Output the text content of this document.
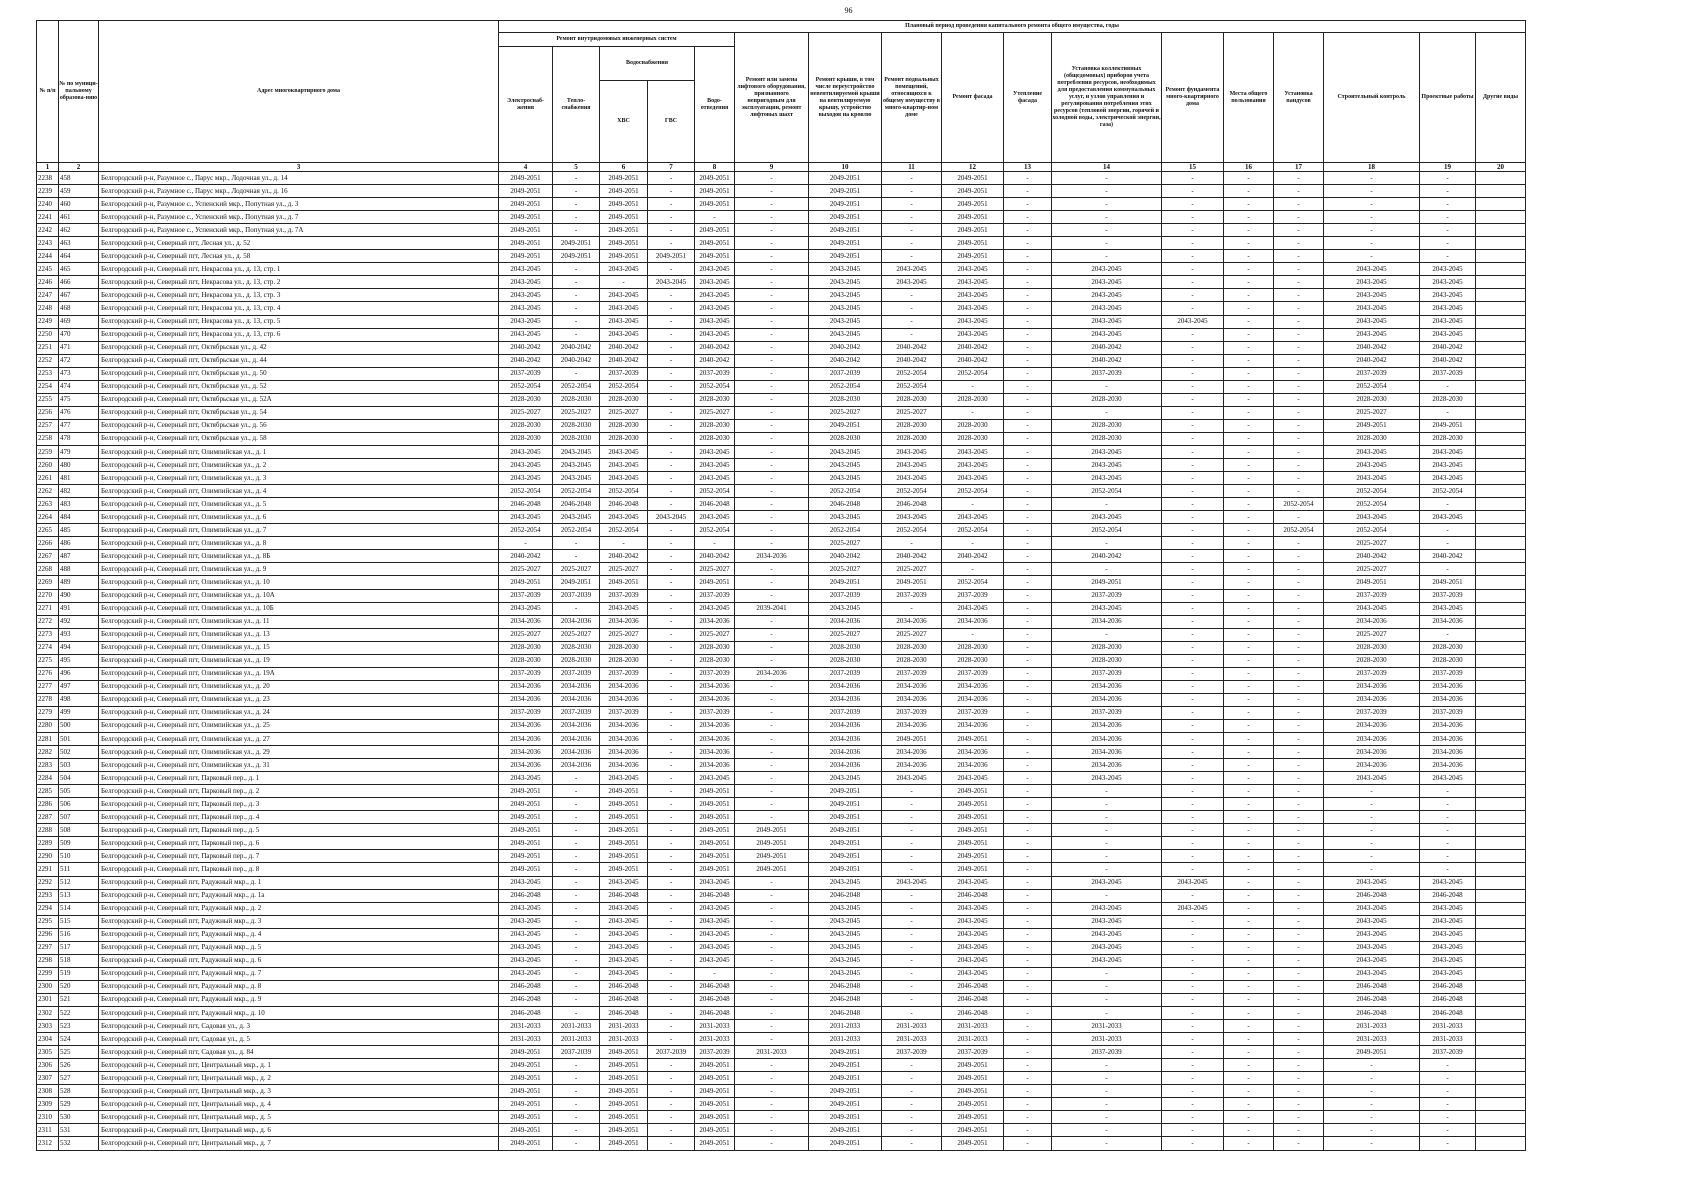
96
№ п/п	№ по муници-пальному образова-нию	Адрес многоквартирного дома	Плановый период проведения капитального ремонта общего имущества, годы																
			Ремонт внутридомовых инженерных систем					Ремонт или замена лифтового оборудования, признанного непригодным для эксплуатации, ремонт лифтовых шахт	Ремонт крыши, в том числе переустройство невентилируемой крыши на вентилируемую крышу, устройство выходов на кровлю	Ремонт подвальных помещений, относящихся к общему имуществу в много-квартир-ном доме	Ремонт фасада	Утепление фасада	Установка коллективных (общедомовых) приборов учета потребления ресурсов, необходимых для предоставления коммунальных услуг, и узлов управления и регулирования потребления этих ресурсов (тепловой энергии, горячей и холодной воды, электрической энергии, газа)	Ремонт фундамента много-квартирного дома	Места общего пользования	Установка пандусов	Строительный контроль	Проектные работы	Другие виды
			Электроснаб-жения	Тепло-снабжения	Водоснабжения		Водо-отведения												
					ХВС	ГВС													
1	2	3	4	5	6	7	8	9	10	11	12	13	14	15	16	17	18	19	20
2238	458	Белгородский р-н, Разумное с., Парус мкр., Лодочная ул., д. 14	2049-2051	-	2049-2051	-	2049-2051	-	2049-2051	-	2049-2051	-	-	-	-	-	-	-	
2239	459	Белгородский р-н, Разумное с., Парус мкр., Лодочная ул., д. 16	2049-2051	-	2049-2051	-	2049-2051	-	2049-2051	-	2049-2051	-	-	-	-	-	-	-	
2240	460	Белгородский р-н, Разумное с., Успенский мкр., Попутная ул., д. 3	2049-2051	-	2049-2051	-	2049-2051	-	2049-2051	-	2049-2051	-	-	-	-	-	-	-	
2241	461	Белгородский р-н, Разумное с., Успенский мкр., Попутная ул., д. 7	2049-2051	-	2049-2051	-	-	-	2049-2051	-	2049-2051	-	-	-	-	-	-	-	
2242	462	Белгородский р-н, Разумное с., Успенский мкр., Попутная ул., д. 7А	2049-2051	-	2049-2051	-	2049-2051	-	2049-2051	-	2049-2051	-	-	-	-	-	-	-	
2243	463	Белгородский р-н, Северный пгт, Лесная ул., д. 52	2049-2051	2049-2051	2049-2051	-	2049-2051	-	2049-2051	-	2049-2051	-	-	-	-	-	-	-	
2244	464	Белгородский р-н, Северный пгт, Лесная ул., д. 58	2049-2051	2049-2051	2049-2051	2049-2051	2049-2051	-	2049-2051	-	2049-2051	-	-	-	-	-	-	-	
2245	465	Белгородский р-н, Северный пгт, Некрасова ул., д. 13, стр. 1	2043-2045	-	2043-2045	-	2043-2045	-	2043-2045	2043-2045	2043-2045	-	2043-2045	-	-	-	2043-2045	2043-2045	
2246	466	Белгородский р-н, Северный пгт, Некрасова ул., д. 13, стр. 2	2043-2045	-	-	2043-2045	2043-2045	-	2043-2045	2043-2045	2043-2045	-	2043-2045	-	-	-	2043-2045	2043-2045	
2247	467	Белгородский р-н, Северный пгт, Некрасова ул., д. 13, стр. 3	2043-2045	-	2043-2045	-	2043-2045	-	2043-2045	-	2043-2045	-	2043-2045	-	-	-	2043-2045	2043-2045	
2248	468	Белгородский р-н, Северный пгт, Некрасова ул., д. 13, стр. 4	2043-2045	-	2043-2045	-	2043-2045	-	2043-2045	-	2043-2045	-	2043-2045	-	-	-	2043-2045	2043-2045	
2249	469	Белгородский р-н, Северный пгт, Некрасова ул., д. 13, стр. 5	2043-2045	-	2043-2045	-	2043-2045	-	2043-2045	-	2043-2045	-	2043-2045	2043-2045	-	-	2043-2045	2043-2045	
2250	470	Белгородский р-н, Северный пгт, Некрасова ул., д. 13, стр. 6	2043-2045	-	2043-2045	-	2043-2045	-	2043-2045	-	2043-2045	-	2043-2045	-	-	-	2043-2045	2043-2045	
2251	471	Белгородский р-н, Северный пгт, Октябрьская ул., д. 42	2040-2042	2040-2042	2040-2042	-	2040-2042	-	2040-2042	2040-2042	2040-2042	-	2040-2042	-	-	-	2040-2042	2040-2042	
2252	472	Белгородский р-н, Северный пгт, Октябрьская ул., д. 44	2040-2042	2040-2042	2040-2042	-	2040-2042	-	2040-2042	2040-2042	2040-2042	-	2040-2042	-	-	-	2040-2042	2040-2042	
2253	473	Белгородский р-н, Северный пгт, Октябрьская ул., д. 50	2037-2039	-	2037-2039	-	2037-2039	-	2037-2039	2052-2054	2052-2054	-	2037-2039	-	-	-	2037-2039	2037-2039	
2254	474	Белгородский р-н, Северный пгт, Октябрьская ул., д. 52	2052-2054	2052-2054	2052-2054	-	2052-2054	-	2052-2054	2052-2054	-	-	-	-	-	-	2052-2054	-	
2255	475	Белгородский р-н, Северный пгт, Октябрьская ул., д. 52А	2028-2030	2028-2030	2028-2030	-	2028-2030	-	2028-2030	2028-2030	2028-2030	-	2028-2030	-	-	-	2028-2030	2028-2030	
2256	476	Белгородский р-н, Северный пгт, Октябрьская ул., д. 54	2025-2027	2025-2027	2025-2027	-	2025-2027	-	2025-2027	2025-2027	-	-	-	-	-	-	2025-2027	-	
2257	477	Белгородский р-н, Северный пгт, Октябрьская ул., д. 56	2028-2030	2028-2030	2028-2030	-	2028-2030	-	2049-2051	2028-2030	2028-2030	-	2028-2030	-	-	-	2049-2051	2049-2051	
2258	478	Белгородский р-н, Северный пгт, Октябрьская ул., д. 58	2028-2030	2028-2030	2028-2030	-	2028-2030	-	2028-2030	2028-2030	2028-2030	-	2028-2030	-	-	-	2028-2030	2028-2030	
2259	479	Белгородский р-н, Северный пгт, Олимпийская ул., д. 1	2043-2045	2043-2045	2043-2045	-	2043-2045	-	2043-2045	2043-2045	2043-2045	-	2043-2045	-	-	-	2043-2045	2043-2045	
2260	480	Белгородский р-н, Северный пгт, Олимпийская ул., д. 2	2043-2045	2043-2045	2043-2045	-	2043-2045	-	2043-2045	2043-2045	2043-2045	-	2043-2045	-	-	-	2043-2045	2043-2045	
2261	481	Белгородский р-н, Северный пгт, Олимпийская ул., д. 3	2043-2045	2043-2045	2043-2045	-	2043-2045	-	2043-2045	2043-2045	2043-2045	-	2043-2045	-	-	-	2043-2045	2043-2045	
2262	482	Белгородский р-н, Северный пгт, Олимпийская ул., д. 4	2052-2054	2052-2054	2052-2054	-	2052-2054	-	2052-2054	2052-2054	2052-2054	-	2052-2054	-	-	-	2052-2054	2052-2054	
2263	483	Белгородский р-н, Северный пгт, Олимпийская ул., д. 5	2046-2048	2046-2048	2046-2048	-	2046-2048	-	2046-2048	2046-2048	-	-	-	-	-	2052-2054	2052-2054	-	
2264	484	Белгородский р-н, Северный пгт, Олимпийская ул., д. 6	2043-2045	2043-2045	2043-2045	2043-2045	2043-2045	-	2043-2045	2043-2045	2043-2045	-	2043-2045	-	-	-	2043-2045	2043-2045	
2265	485	Белгородский р-н, Северный пгт, Олимпийская ул., д. 7	2052-2054	2052-2054	2052-2054	-	2052-2054	-	2052-2054	2052-2054	2052-2054	-	2052-2054	-	-	2052-2054	2052-2054	-	
2266	486	Белгородский р-н, Северный пгт, Олимпийская ул., д. 8	-	-	-	-	-	-	2025-2027	-	-	-	-	-	-	-	2025-2027	-	
2267	487	Белгородский р-н, Северный пгт, Олимпийская ул., д. 8Б	2040-2042	-	2040-2042	-	2040-2042	2034-2036	2040-2042	2040-2042	2040-2042	-	2040-2042	-	-	-	2040-2042	2040-2042	
2268	488	Белгородский р-н, Северный пгт, Олимпийская ул., д. 9	2025-2027	2025-2027	2025-2027	-	2025-2027	-	2025-2027	2025-2027	-	-	-	-	-	-	2025-2027	-	
2269	489	Белгородский р-н, Северный пгт, Олимпийская ул., д. 10	2049-2051	2049-2051	2049-2051	-	2049-2051	-	2049-2051	2049-2051	2052-2054	-	2049-2051	-	-	-	2049-2051	2049-2051	
2270	490	Белгородский р-н, Северный пгт, Олимпийская ул., д. 10А	2037-2039	2037-2039	2037-2039	-	2037-2039	-	2037-2039	2037-2039	2037-2039	-	2037-2039	-	-	-	2037-2039	2037-2039	
2271	491	Белгородский р-н, Северный пгт, Олимпийская ул., д. 10Б	2043-2045	-	2043-2045	-	2043-2045	2039-2041	2043-2045	-	2043-2045	-	2043-2045	-	-	-	2043-2045	2043-2045	
2272	492	Белгородский р-н, Северный пгт, Олимпийская ул., д. 11	2034-2036	2034-2036	2034-2036	-	2034-2036	-	2034-2036	2034-2036	2034-2036	-	2034-2036	-	-	-	2034-2036	2034-2036	
2273	493	Белгородский р-н, Северный пгт, Олимпийская ул., д. 13	2025-2027	2025-2027	2025-2027	-	2025-2027	-	2025-2027	2025-2027	-	-	-	-	-	-	2025-2027	-	
2274	494	Белгородский р-н, Северный пгт, Олимпийская ул., д. 15	2028-2030	2028-2030	2028-2030	-	2028-2030	-	2028-2030	2028-2030	2028-2030	-	2028-2030	-	-	-	2028-2030	2028-2030	
2275	495	Белгородский р-н, Северный пгт, Олимпийская ул., д. 19	2028-2030	2028-2030	2028-2030	-	2028-2030	-	2028-2030	2028-2030	2028-2030	-	2028-2030	-	-	-	2028-2030	2028-2030	
2276	496	Белгородский р-н, Северный пгт, Олимпийская ул., д. 19А	2037-2039	2037-2039	2037-2039	-	2037-2039	2034-2036	2037-2039	2037-2039	2037-2039	-	2037-2039	-	-	-	2037-2039	2037-2039	
2277	497	Белгородский р-н, Северный пгт, Олимпийская ул., д. 20	2034-2036	2034-2036	2034-2036	-	2034-2036	-	2034-2036	2034-2036	2034-2036	-	2034-2036	-	-	-	2034-2036	2034-2036	
2278	498	Белгородский р-н, Северный пгт, Олимпийская ул., д. 23	2034-2036	2034-2036	2034-2036	-	2034-2036	-	2034-2036	2034-2036	2034-2036	-	2034-2036	-	-	-	2034-2036	2034-2036	
2279	499	Белгородский р-н, Северный пгт, Олимпийская ул., д. 24	2037-2039	2037-2039	2037-2039	-	2037-2039	-	2037-2039	2037-2039	2037-2039	-	2037-2039	-	-	-	2037-2039	2037-2039	
2280	500	Белгородский р-н, Северный пгт, Олимпийская ул., д. 25	2034-2036	2034-2036	2034-2036	-	2034-2036	-	2034-2036	2034-2036	2034-2036	-	2034-2036	-	-	-	2034-2036	2034-2036	
2281	501	Белгородский р-н, Северный пгт, Олимпийская ул., д. 27	2034-2036	2034-2036	2034-2036	-	2034-2036	-	2034-2036	2049-2051	2049-2051	-	2034-2036	-	-	-	2034-2036	2034-2036	
2282	502	Белгородский р-н, Северный пгт, Олимпийская ул., д. 29	2034-2036	2034-2036	2034-2036	-	2034-2036	-	2034-2036	2034-2036	2034-2036	-	2034-2036	-	-	-	2034-2036	2034-2036	
2283	503	Белгородский р-н, Северный пгт, Олимпийская ул., д. 31	2034-2036	2034-2036	2034-2036	-	2034-2036	-	2034-2036	2034-2036	2034-2036	-	2034-2036	-	-	-	2034-2036	2034-2036	
2284	504	Белгородский р-н, Северный пгт, Парковый пер., д. 1	2043-2045	-	2043-2045	-	2043-2045	-	2043-2045	2043-2045	2043-2045	-	2043-2045	-	-	-	2043-2045	2043-2045	
2285	505	Белгородский р-н, Северный пгт, Парковый пер., д. 2	2049-2051	-	2049-2051	-	2049-2051	-	2049-2051	-	2049-2051	-	-	-	-	-	-	-	
2286	506	Белгородский р-н, Северный пгт, Парковый пер., д. 3	2049-2051	-	2049-2051	-	2049-2051	-	2049-2051	-	2049-2051	-	-	-	-	-	-	-	
2287	507	Белгородский р-н, Северный пгт, Парковый пер., д. 4	2049-2051	-	2049-2051	-	2049-2051	-	2049-2051	-	2049-2051	-	-	-	-	-	-	-	
2288	508	Белгородский р-н, Северный пгт, Парковый пер., д. 5	2049-2051	-	2049-2051	-	2049-2051	2049-2051	2049-2051	-	2049-2051	-	-	-	-	-	-	-	
2289	509	Белгородский р-н, Северный пгт, Парковый пер., д. 6	2049-2051	-	2049-2051	-	2049-2051	2049-2051	2049-2051	-	2049-2051	-	-	-	-	-	-	-	
2290	510	Белгородский р-н, Северный пгт, Парковый пер., д. 7	2049-2051	-	2049-2051	-	2049-2051	2049-2051	2049-2051	-	2049-2051	-	-	-	-	-	-	-	
2291	511	Белгородский р-н, Северный пгт, Парковый пер., д. 8	2049-2051	-	2049-2051	-	2049-2051	2049-2051	2049-2051	-	2049-2051	-	-	-	-	-	-	-	
2292	512	Белгородский р-н, Северный пгт, Радужный мкр., д. 1	2043-2045	-	2043-2045	-	2043-2045	-	2043-2045	2043-2045	2043-2045	-	2043-2045	2043-2045	-	-	2043-2045	2043-2045	
2293	513	Белгородский р-н, Северный пгт, Радужный мкр., д. 1а	2046-2048	-	2046-2048	-	2046-2048	-	2046-2048	-	2046-2048	-	-	-	-	-	2046-2048	2046-2048	
2294	514	Белгородский р-н, Северный пгт, Радужный мкр., д. 2	2043-2045	-	2043-2045	-	2043-2045	-	2043-2045	-	2043-2045	-	2043-2045	2043-2045	-	-	2043-2045	2043-2045	
2295	515	Белгородский р-н, Северный пгт, Радужный мкр., д. 3	2043-2045	-	2043-2045	-	2043-2045	-	2043-2045	-	2043-2045	-	2043-2045	-	-	-	2043-2045	2043-2045	
2296	516	Белгородский р-н, Северный пгт, Радужный мкр., д. 4	2043-2045	-	2043-2045	-	2043-2045	-	2043-2045	-	2043-2045	-	2043-2045	-	-	-	2043-2045	2043-2045	
2297	517	Белгородский р-н, Северный пгт, Радужный мкр., д. 5	2043-2045	-	2043-2045	-	2043-2045	-	2043-2045	-	2043-2045	-	2043-2045	-	-	-	2043-2045	2043-2045	
2298	518	Белгородский р-н, Северный пгт, Радужный мкр., д. 6	2043-2045	-	2043-2045	-	2043-2045	-	2043-2045	-	2043-2045	-	2043-2045	-	-	-	2043-2045	2043-2045	
2299	519	Белгородский р-н, Северный пгт, Радужный мкр., д. 7	2043-2045	-	2043-2045	-	-	-	2043-2045	-	2043-2045	-	-	-	-	-	2043-2045	2043-2045	
2300	520	Белгородский р-н, Северный пгт, Радужный мкр., д. 8	2046-2048	-	2046-2048	-	2046-2048	-	2046-2048	-	2046-2048	-	-	-	-	-	2046-2048	2046-2048	
2301	521	Белгородский р-н, Северный пгт, Радужный мкр., д. 9	2046-2048	-	2046-2048	-	2046-2048	-	2046-2048	-	2046-2048	-	-	-	-	-	2046-2048	2046-2048	
2302	522	Белгородский р-н, Северный пгт, Радужный мкр., д. 10	2046-2048	-	2046-2048	-	2046-2048	-	2046-2048	-	2046-2048	-	-	-	-	-	2046-2048	2046-2048	
2303	523	Белгородский р-н, Северный пгт, Садовая ул., д. 3	2031-2033	2031-2033	2031-2033	-	2031-2033	-	2031-2033	2031-2033	2031-2033	-	2031-2033	-	-	-	2031-2033	2031-2033	
2304	524	Белгородский р-н, Северный пгт, Садовая ул., д. 5	2031-2033	2031-2033	2031-2033	-	2031-2033	-	2031-2033	2031-2033	2031-2033	-	2031-2033	-	-	-	2031-2033	2031-2033	
2305	525	Белгородский р-н, Северный пгт, Садовая ул., д. 84	2049-2051	2037-2039	2049-2051	2037-2039	2037-2039	2031-2033	2049-2051	2037-2039	2037-2039	-	2037-2039	-	-	-	2049-2051	2037-2039	
2306	526	Белгородский р-н, Северный пгт, Центральный мкр., д. 1	2049-2051	-	2049-2051	-	2049-2051	-	2049-2051	-	2049-2051	-	-	-	-	-	-	-	
2307	527	Белгородский р-н, Северный пгт, Центральный мкр., д. 2	2049-2051	-	2049-2051	-	2049-2051	-	2049-2051	-	2049-2051	-	-	-	-	-	-	-	
2308	528	Белгородский р-н, Северный пгт, Центральный мкр., д. 3	2049-2051	-	2049-2051	-	2049-2051	-	2049-2051	-	2049-2051	-	-	-	-	-	-	-	
2309	529	Белгородский р-н, Северный пгт, Центральный мкр., д. 4	2049-2051	-	2049-2051	-	2049-2051	-	2049-2051	-	2049-2051	-	-	-	-	-	-	-	
2310	530	Белгородский р-н, Северный пгт, Центральный мкр., д. 5	2049-2051	-	2049-2051	-	2049-2051	-	2049-2051	-	2049-2051	-	-	-	-	-	-	-	
2311	531	Белгородский р-н, Северный пгт, Центральный мкр., д. 6	2049-2051	-	2049-2051	-	2049-2051	-	2049-2051	-	2049-2051	-	-	-	-	-	-	-	
2312	532	Белгородский р-н, Северный пгт, Центральный мкр., д. 7	2049-2051	-	2049-2051	-	2049-2051	-	2049-2051	-	2049-2051	-	-	-	-	-	-	-	
